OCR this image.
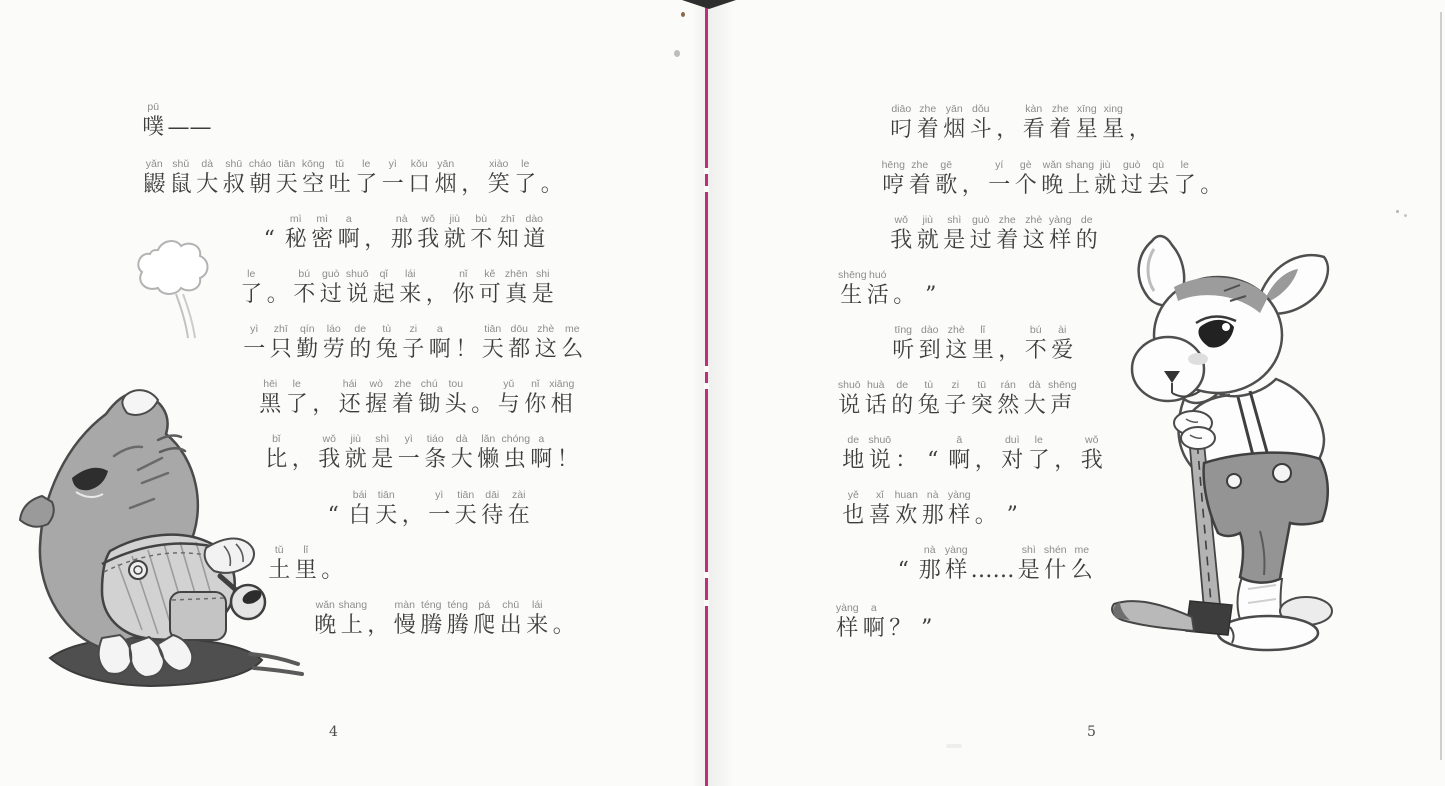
pū
噗 ——
yǎn
鼹
shǔ
鼠
dà
大
shū
叔
cháo
朝
tiān
天
kōng
空
tǔ
吐
le
了
yì
一
kǒu
口
yān
烟 ，
xiào
笑
le
了 。
“
mì
秘
mì
密
a
啊 ，
nà
那
wǒ
我
jiù
就
bù
不
zhī
知
dào
道
le
了 。
bú
不
guò
过
shuō
说
qǐ
起
lái
来 ，
nǐ
你
kě
可
zhēn
真
shi
是
yì
一
zhī
只
qín
勤
láo
劳
de
的
tù
兔
zi
子
a
啊 ！
tiān
天
dōu
都
zhè
这
me
么
hēi
黑
le
了 ，
hái
还
wò
握
zhe
着
chú
锄
tou
头 。
yǔ
与
nǐ
你
xiāng
相
bǐ
比 ，
wǒ
我
jiù
就
shì
是
yì
一
tiáo
条
dà
大
lǎn
懒
chóng
虫
a
啊 ！
“
bái
白
tiān
天 ，
yì
一
tiān
天
dāi
待
zài
在
tǔ
土
lǐ
里 。
wǎn
晚
shang
上 ，
màn
慢
téng
腾
téng
腾
pá
爬
chū
出
lái
来 。
4
diāo
叼
zhe
着
yān
烟
dǒu
斗 ，
kàn
看
zhe
着
xīng
星
xing
星 ，
hēng
哼
zhe
着
gē
歌 ，
yí
一
gè
个
wǎn
晚
shang
上
jiù
就
guò
过
qù
去
le
了 。
wǒ
我
jiù
就
shì
是
guò
过
zhe
着
zhè
这
yàng
样
de
的
shēng
生
huó
活 。 ”
tīng
听
dào
到
zhè
这
lǐ
里 ，
bú
不
ài
爱
shuō
说
huà
话
de
的
tù
兔
zi
子
tū
突
rán
然
dà
大
shēng
声
de
地
shuō
说 ： “
ā
啊 ，
duì
对
le
了 ，
wǒ
我
yě
也
xǐ
喜
huan
欢
nà
那
yàng
样 。 ”
“
nà
那
yàng
样 ……
shì
是
shén
什
me
么
yàng
样
a
啊 ？ ”
5
